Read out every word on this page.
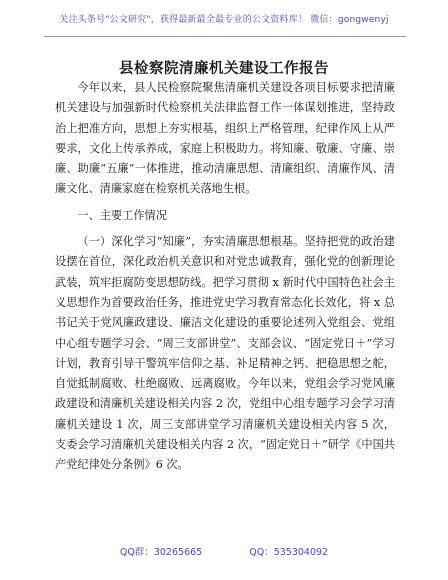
关注头条号"公文研究"，获得最新最全最专业的公文资料库！ 微信：gongwenyj
县检察院清廉机关建设工作报告

今年以来，县人民检察院聚焦清廉机关建设各项目标要求把清廉机关建设与加强新时代检察机关法律监督工作一体谋划推进，坚持政治上把准方向，思想上夯实根基，组织上严格管理，纪律作风上从严要求，文化上传承养成，家庭上积极助力。将知廉、敬廉、守廉、崇廉、助廉“五廉”一体推进，推动清廉思想、清廉组织、清廉作风、清廉文化、清廉家庭在检察机关落地生根。

一、主要工作情况

（一）深化学习“知廉”，夯实清廉思想根基。坚持把党的政治建设摆在首位，深化政治机关意识和对党忠诚教育，强化党的创新理论武装，筑牢拒腐防变思想防线。把学习贯彻 x 新时代中国特色社会主义思想作为首要政治任务，推进党史学习教育常态化长效化，将 x 总书记关于党风廉政建设、廉洁文化建设的重要论述列入党组会、党组中心组专题学习会、“周三支部讲堂”、支部会议、“固定党日＋”学习计划，教育引导干警筑牢信仰之基、补足精神之钙、把稳思想之舵，自觉抵制腐败、杜绝腐败、远离腐败。今年以来，党组会学习党风廉政建设和清廉机关建设相关内容 2 次，党组中心组专题学习会学习清廉机关建设 1 次，周三支部讲堂学习清廉机关建设相关内容 5 次，支委会学习清廉机关建设相关内容 2 次，“固定党日＋”研学《中国共产党纪律处分条例》6 次。

QQ群：30265665	QQ：535304092
